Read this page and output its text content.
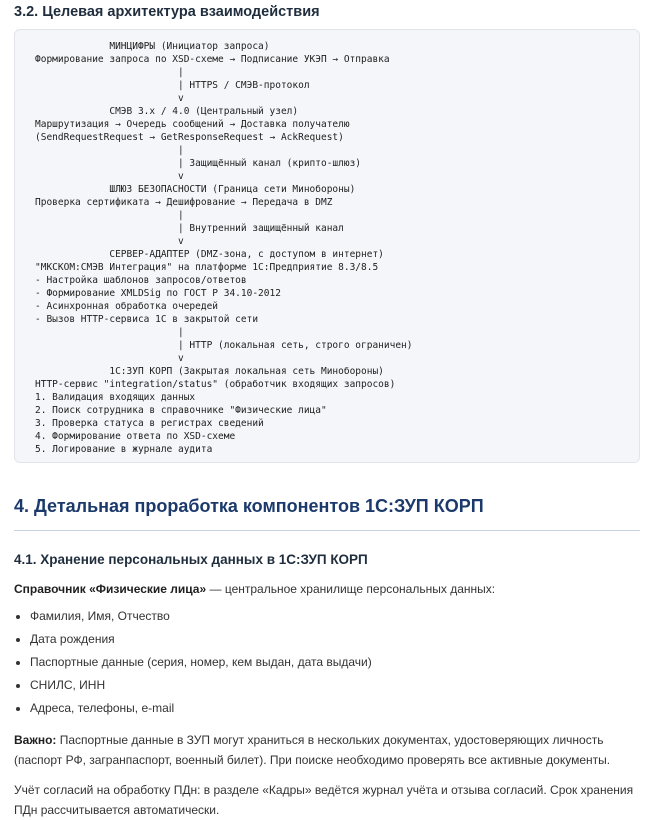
3.2. Целевая архитектура взаимодействия
МИНЦИФРЫ (Инициатор запроса)
Формирование запроса по XSD-схеме → Подписание УКЭП → Отправка
|
| HTTPS / СМЭВ-протокол
v
СМЭВ 3.х / 4.0 (Центральный узел)
Маршрутизация → Очередь сообщений → Доставка получателю
(SendRequestRequest → GetResponseRequest → AckRequest)
|
| Защищённый канал (крипто-шлюз)
v
ШЛЮЗ БЕЗОПАСНОСТИ (Граница сети Минобороны)
Проверка сертификата → Дешифрование → Передача в DMZ
|
| Внутренний защищённый канал
v
СЕРВЕР-АДАПТЕР (DMZ-зона, с доступом в интернет)
"МКСКОМ:СМЭВ Интеграция" на платформе 1С:Предприятие 8.3/8.5
- Настройка шаблонов запросов/ответов
- Формирование XMLDSig по ГОСТ Р 34.10-2012
- Асинхронная обработка очередей
- Вызов HTTP-сервиса 1С в закрытой сети
|
| HTTP (локальная сеть, строго ограничен)
v
1С:ЗУП КОРП (Закрытая локальная сеть Минобороны)
HTTP-сервис "integration/status" (обработчик входящих запросов)
1. Валидация входящих данных
2. Поиск сотрудника в справочнике "Физические лица"
3. Проверка статуса в регистрах сведений
4. Формирование ответа по XSD-схеме
5. Логирование в журнале аудита
4. Детальная проработка компонентов 1С:ЗУП КОРП
4.1. Хранение персональных данных в 1С:ЗУП КОРП

Справочник «Физические лица» — центральное хранилище персональных данных:

Фамилия, Имя, Отчество
Дата рождения
Паспортные данные (серия, номер, кем выдан, дата выдачи)
СНИЛС, ИНН
Адреса, телефоны, e-mail

Важно: Паспортные данные в ЗУП могут храниться в нескольких документах, удостоверяющих личность (паспорт РФ, загранпаспорт, военный билет). При поиске необходимо проверять все активные документы.

Учёт согласий на обработку ПДн: в разделе «Кадры» ведётся журнал учёта и отзыва согласий. Срок хранения ПДн рассчитывается автоматически.
